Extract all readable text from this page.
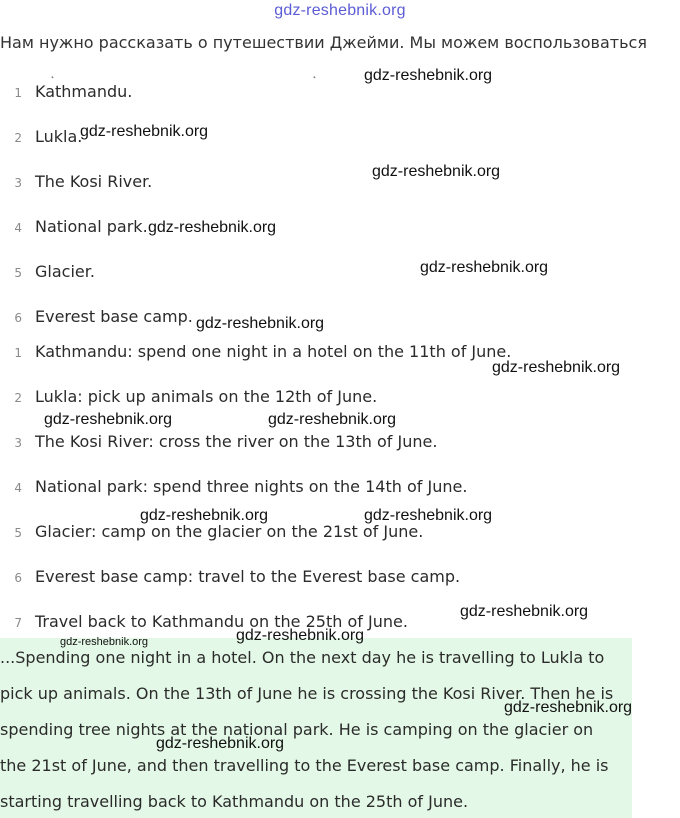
gdz-reshebnik.org
Нам нужно рассказать о путешествии Джейми. Мы можем воспользоваться
˛	˛
1 Kathmandu.
2 Lukla.
3 The Kosi River.
4 National park.
5 Glacier.
6 Everest base camp.
1 Kathmandu: spend one night in a hotel on the 11th of June.
2 Lukla: pick up animals on the 12th of June.
3 The Kosi River: cross the river on the 13th of June.
4 National park: spend three nights on the 14th of June.
5 Glacier: camp on the glacier on the 21st of June.
6 Everest base camp: travel to the Everest base camp.
7 Travel back to Kathmandu on the 25th of June.
...Spending one night in a hotel. On the next day he is travelling to Lukla to
pick up animals. On the 13th of June he is crossing the Kosi River. Then he is
spending tree nights at the national park. He is camping on the glacier on
the 21st of June, and then travelling to the Everest base camp. Finally, he is
starting travelling back to Kathmandu on the 25th of June.
gdz-reshebnik.org
gdz-reshebnik.org
gdz-reshebnik.org
gdz-reshebnik.org
gdz-reshebnik.org
gdz-reshebnik.org
gdz-reshebnik.org
gdz-reshebnik.org	gdz-reshebnik.org
gdz-reshebnik.org	gdz-reshebnik.org
gdz-reshebnik.org
gdz-reshebnik.org
gdz-reshebnik.org
gdz-reshebnik.org
gdz-reshebnik.org
